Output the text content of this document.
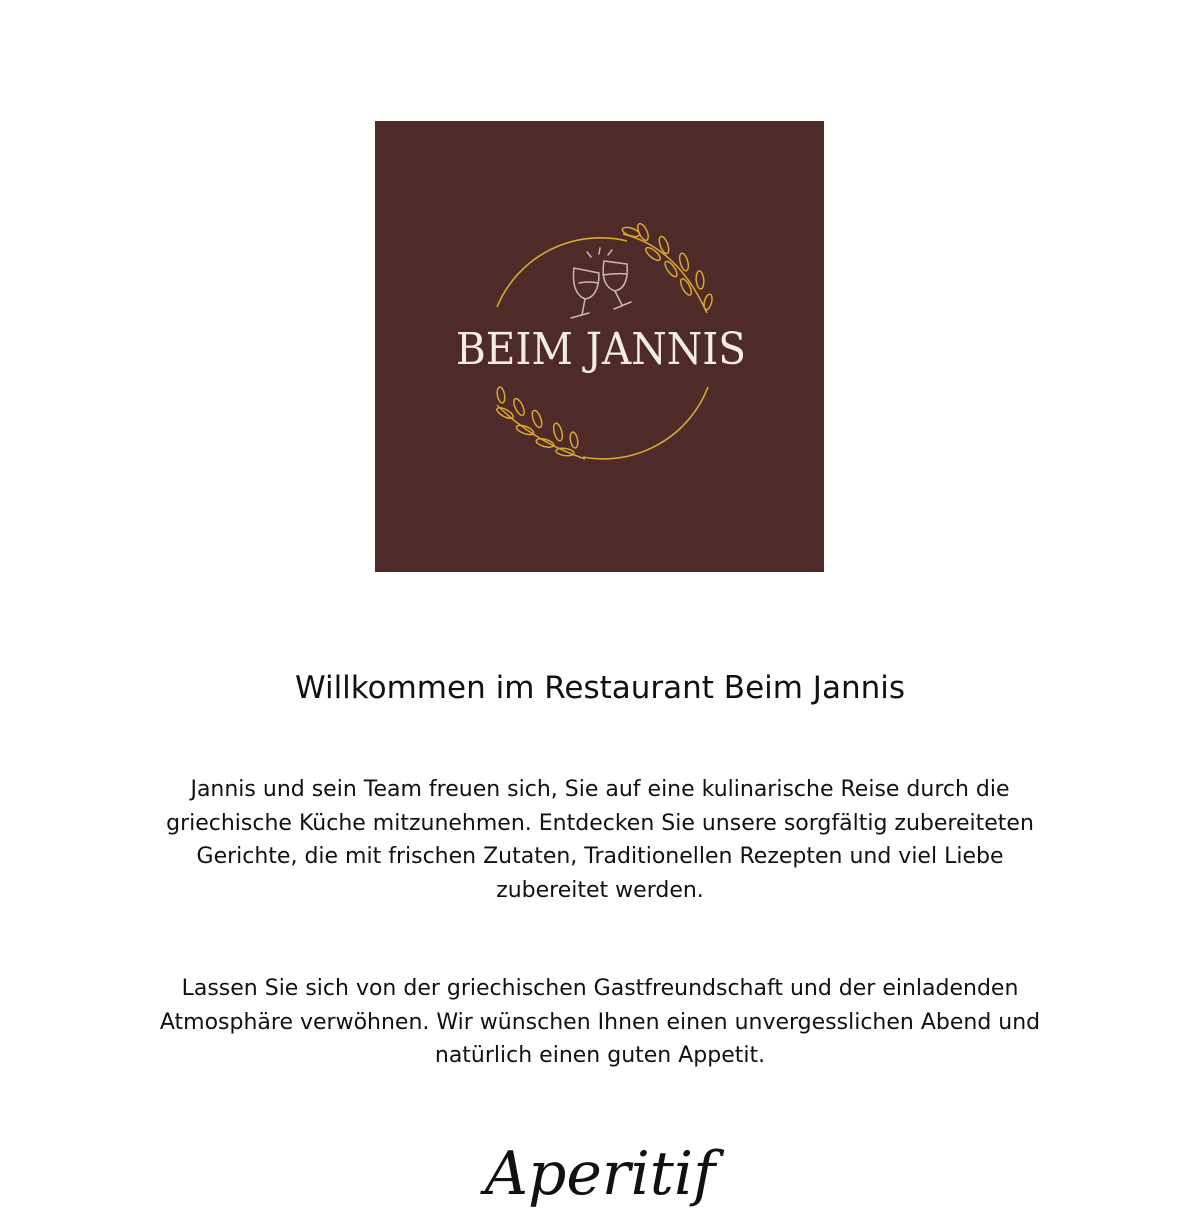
BEIM JANNIS
Willkommen im Restaurant Beim Jannis

Jannis und sein Team freuen sich, Sie auf eine kulinarische Reise durch die griechische Küche mitzunehmen. Entdecken Sie unsere sorgfältig zubereiteten Gerichte, die mit frischen Zutaten, Traditionellen Rezepten und viel Liebe zubereitet werden.

Lassen Sie sich von der griechischen Gastfreundschaft und der einladenden Atmosphäre verwöhnen. Wir wünschen Ihnen einen unvergesslichen Abend und natürlich einen guten Appetit.

Aperitif
